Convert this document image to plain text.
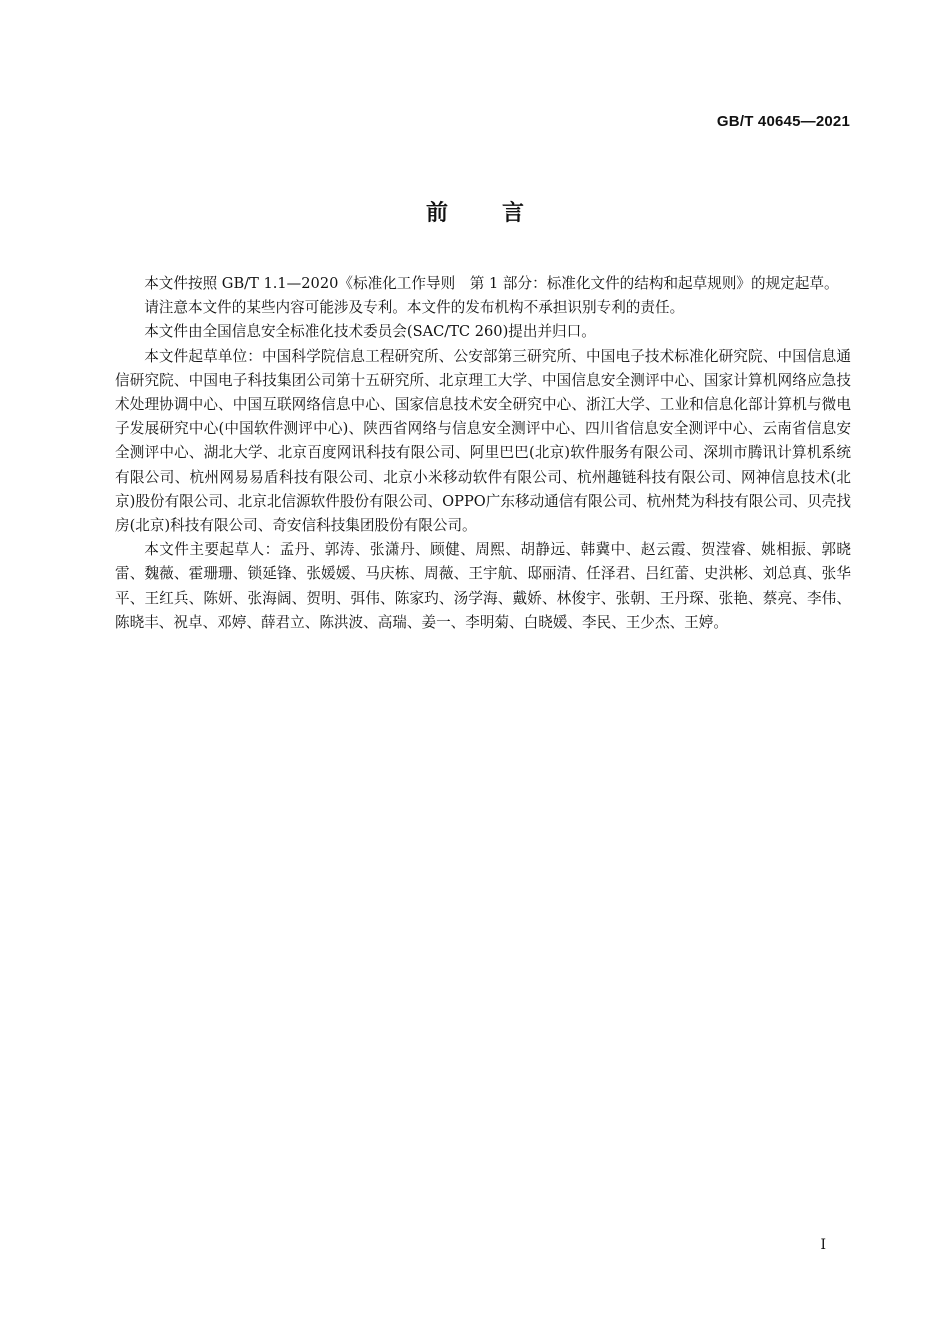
GB/T 40645—2021
前言

本文件按照 GB/T 1.1—2020《标准化工作导则　第 1 部分：标准化文件的结构和起草规则》的规定起草。

请注意本文件的某些内容可能涉及专利。本文件的发布机构不承担识别专利的责任。

本文件由全国信息安全标准化技术委员会(SAC/TC 260)提出并归口。

本文件起草单位：中国科学院信息工程研究所、公安部第三研究所、中国电子技术标准化研究院、中国信息通信研究院、中国电子科技集团公司第十五研究所、北京理工大学、中国信息安全测评中心、国家计算机网络应急技术处理协调中心、中国互联网络信息中心、国家信息技术安全研究中心、浙江大学、工业和信息化部计算机与微电子发展研究中心(中国软件测评中心)、陕西省网络与信息安全测评中心、四川省信息安全测评中心、云南省信息安全测评中心、湖北大学、北京百度网讯科技有限公司、阿里巴巴(北京)软件服务有限公司、深圳市腾讯计算机系统有限公司、杭州网易易盾科技有限公司、北京小米移动软件有限公司、杭州趣链科技有限公司、网神信息技术(北京)股份有限公司、北京北信源软件股份有限公司、OPPO广东移动通信有限公司、杭州梵为科技有限公司、贝壳找房(北京)科技有限公司、奇安信科技集团股份有限公司。

本文件主要起草人：孟丹、郭涛、张潇丹、顾健、周熙、胡静远、韩冀中、赵云霞、贺滢睿、姚相振、郭晓雷、魏薇、霍珊珊、锁延锋、张媛媛、马庆栋、周薇、王宇航、邸丽清、任泽君、吕红蕾、史洪彬、刘总真、张华平、王红兵、陈妍、张海阔、贺明、弭伟、陈家玓、汤学海、戴娇、林俊宇、张朝、王丹琛、张艳、蔡亮、李伟、陈晓丰、祝卓、邓婷、薛君立、陈洪波、高瑞、姜一、李明菊、白晓媛、李民、王少杰、王婷。

I
